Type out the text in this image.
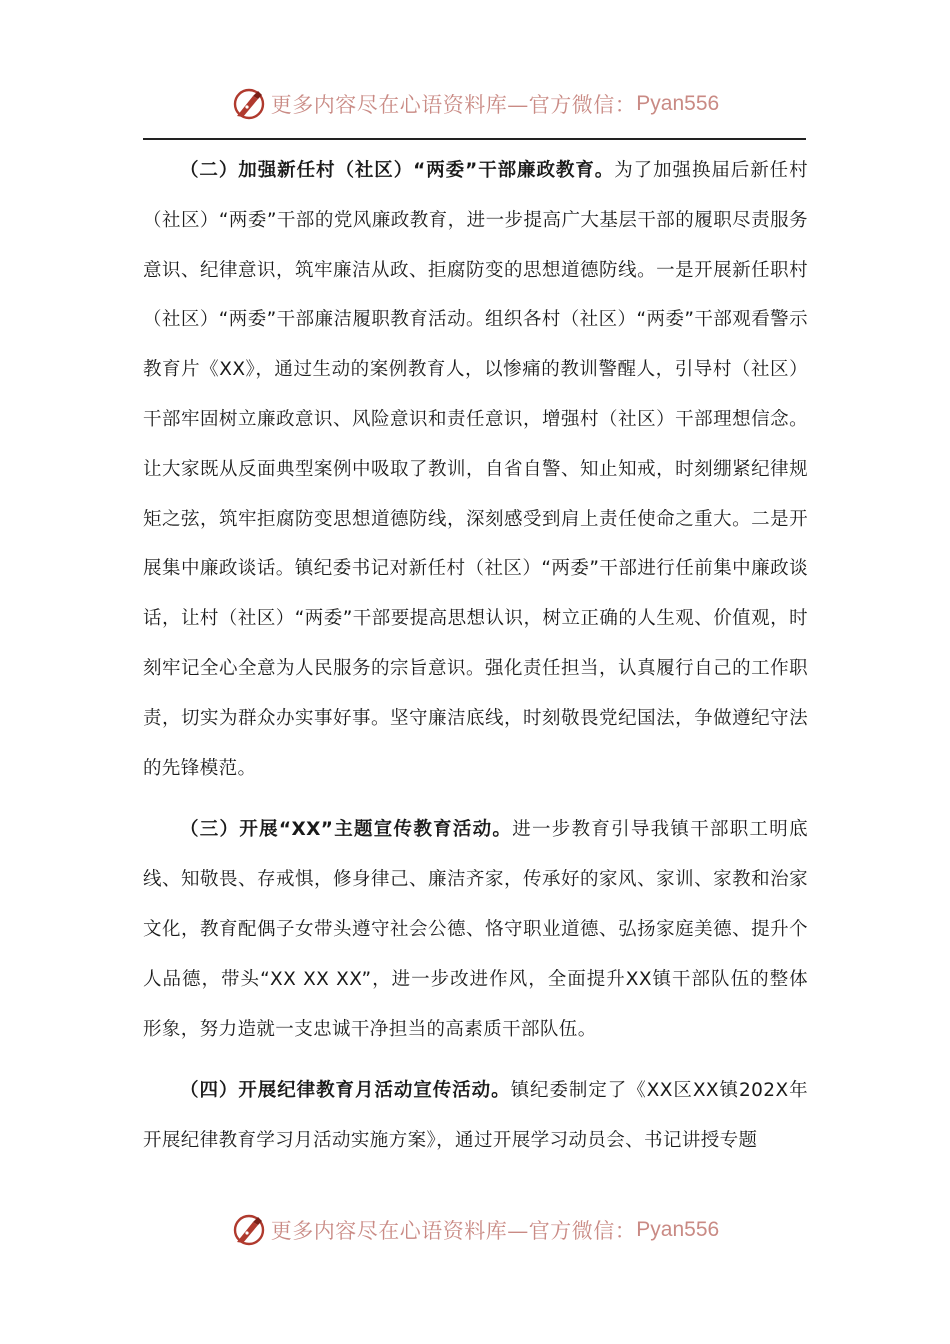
更多内容尽在心语资料库—官方微信： Pyan556

（二）加强新任村（社区）“两委”干部廉政教育。为了加强换届后新任村（社区）“两委”干部的党风廉政教育，进一步提高广大基层干部的履职尽责服务意识、纪律意识，筑牢廉洁从政、拒腐防变的思想道德防线。一是开展新任职村（社区）“两委”干部廉洁履职教育活动。组织各村（社区）“两委”干部观看警示教育片《XX》，通过生动的案例教育人，以惨痛的教训警醒人，引导村（社区）干部牢固树立廉政意识、风险意识和责任意识，增强村（社区）干部理想信念。让大家既从反面典型案例中吸取了教训，自省自警、知止知戒，时刻绷紧纪律规矩之弦，筑牢拒腐防变思想道德防线，深刻感受到肩上责任使命之重大。二是开展集中廉政谈话。镇纪委书记对新任村（社区）“两委”干部进行任前集中廉政谈话，让村（社区）“两委”干部要提高思想认识，树立正确的人生观、价值观，时刻牢记全心全意为人民服务的宗旨意识。强化责任担当，认真履行自己的工作职责，切实为群众办实事好事。坚守廉洁底线，时刻敬畏党纪国法，争做遵纪守法的先锋模范。

（三）开展“XX”主题宣传教育活动。进一步教育引导我镇干部职工明底线、知敬畏、存戒惧，修身律己、廉洁齐家，传承好的家风、家训、家教和治家文化，教育配偶子女带头遵守社会公德、恪守职业道德、弘扬家庭美德、提升个人品德，带头“XX XX XX”，进一步改进作风，全面提升XX镇干部队伍的整体形象，努力造就一支忠诚干净担当的高素质干部队伍。

（四）开展纪律教育月活动宣传活动。镇纪委制定了《XX区XX镇202X年开展纪律教育学习月活动实施方案》，通过开展学习动员会、书记讲授专题

更多内容尽在心语资料库—官方微信： Pyan556
